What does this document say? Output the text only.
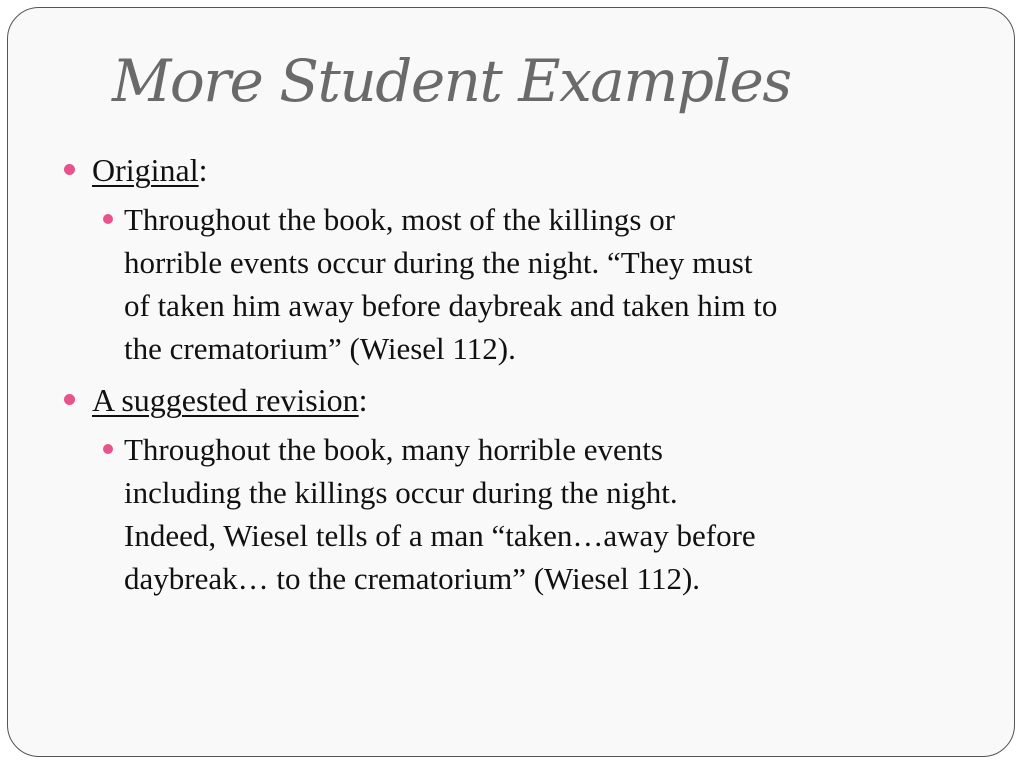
More Student Examples
Original:
Throughout the book, most of the killings or
horrible events occur during the night. “They must
of taken him away before daybreak and taken him to
the crematorium” (Wiesel 112).
A suggested revision:
Throughout the book, many horrible events
including the killings occur during the night.
Indeed, Wiesel tells of a man “taken…away before
daybreak… to the crematorium” (Wiesel 112).
